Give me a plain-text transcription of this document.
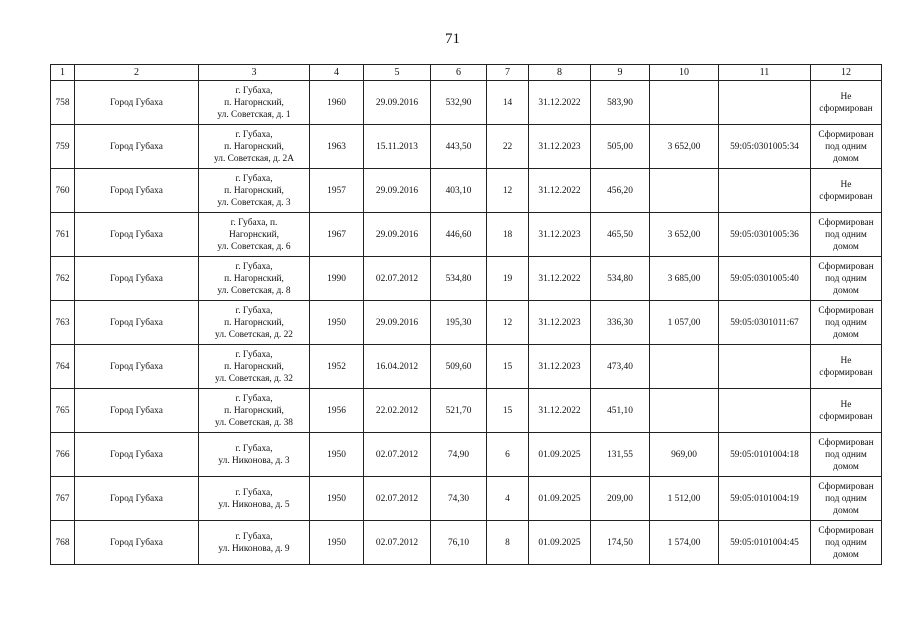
71
1	2	3	4	5	6	7	8	9	10	11	12
758	Город Губаха	г. Губаха,
п. Нагорнский,
ул. Советская, д. 1	1960	29.09.2016	532,90	14	31.12.2022	583,90			Не
сформирован

759	Город Губаха	г. Губаха,
п. Нагорнский,
ул. Советская, д. 2А	1963	15.11.2013	443,50	22	31.12.2023	505,00	3 652,00	59:05:0301005:34	Сформирован
под одним
домом

760	Город Губаха	г. Губаха,
п. Нагорнский,
ул. Советская, д. 3	1957	29.09.2016	403,10	12	31.12.2022	456,20			Не
сформирован

761	Город Губаха	г. Губаха, п.
Нагорнский,
ул. Советская, д. 6	1967	29.09.2016	446,60	18	31.12.2023	465,50	3 652,00	59:05:0301005:36	Сформирован
под одним
домом

762	Город Губаха	г. Губаха,
п. Нагорнский,
ул. Советская, д. 8	1990	02.07.2012	534,80	19	31.12.2022	534,80	3 685,00	59:05:0301005:40	Сформирован
под одним
домом

763	Город Губаха	г. Губаха,
п. Нагорнский,
ул. Советская, д. 22	1950	29.09.2016	195,30	12	31.12.2023	336,30	1 057,00	59:05:0301011:67	Сформирован
под одним
домом

764	Город Губаха	г. Губаха,
п. Нагорнский,
ул. Советская, д. 32	1952	16.04.2012	509,60	15	31.12.2023	473,40			Не
сформирован

765	Город Губаха	г. Губаха,
п. Нагорнский,
ул. Советская, д. 38	1956	22.02.2012	521,70	15	31.12.2022	451,10			Не
сформирован

766	Город Губаха	г. Губаха,
ул. Никонова, д. 3	1950	02.07.2012	74,90	6	01.09.2025	131,55	969,00	59:05:0101004:18	Сформирован
под одним
домом

767	Город Губаха	г. Губаха,
ул. Никонова, д. 5	1950	02.07.2012	74,30	4	01.09.2025	209,00	1 512,00	59:05:0101004:19	Сформирован
под одним
домом

768	Город Губаха	г. Губаха,
ул. Никонова, д. 9	1950	02.07.2012	76,10	8	01.09.2025	174,50	1 574,00	59:05:0101004:45	Сформирован
под одним
домом
